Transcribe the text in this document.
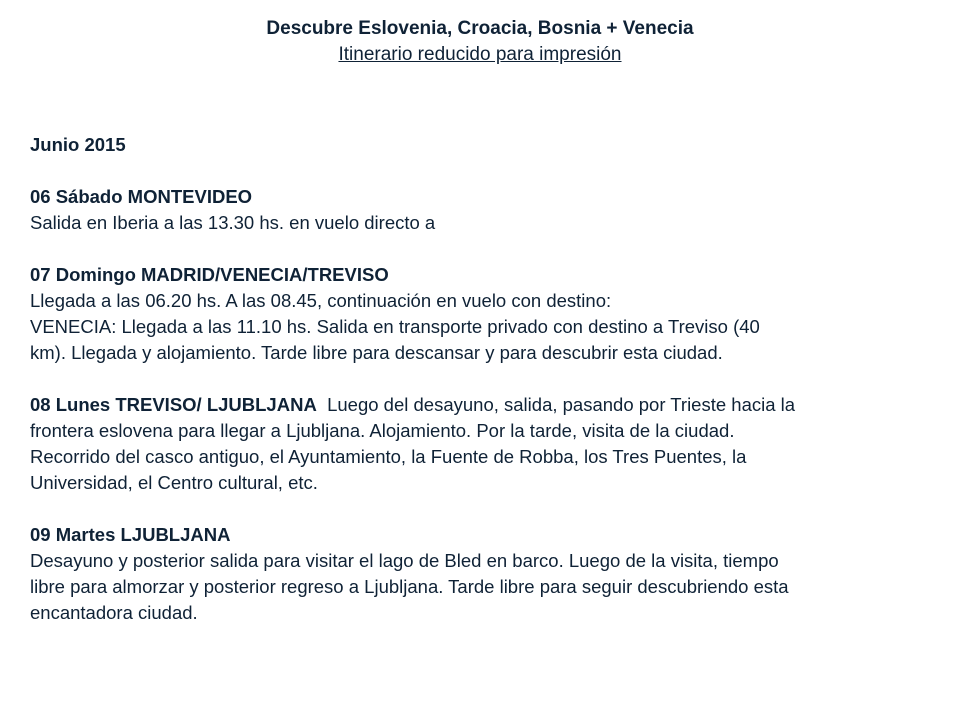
Descubre Eslovenia, Croacia, Bosnia + Venecia
Itinerario reducido para impresión
Junio 2015
06 Sábado MONTEVIDEO
Salida en Iberia a las 13.30 hs. en vuelo directo a
07 Domingo MADRID/VENECIA/TREVISO
Llegada a las 06.20 hs. A las 08.45, continuación en vuelo con destino:
VENECIA: Llegada a las 11.10 hs. Salida en transporte privado con destino a Treviso (40
km). Llegada y alojamiento. Tarde libre para descansar y para descubrir esta ciudad.
08 Lunes TREVISO/ LJUBLJANA  Luego del desayuno, salida, pasando por Trieste hacia la
frontera eslovena para llegar a Ljubljana. Alojamiento. Por la tarde, visita de la ciudad.
Recorrido del casco antiguo, el Ayuntamiento, la Fuente de Robba, los Tres Puentes, la
Universidad, el Centro cultural, etc.
09 Martes LJUBLJANA
Desayuno y posterior salida para visitar el lago de Bled en barco. Luego de la visita, tiempo
libre para almorzar y posterior regreso a Ljubljana. Tarde libre para seguir descubriendo esta
encantadora ciudad.
